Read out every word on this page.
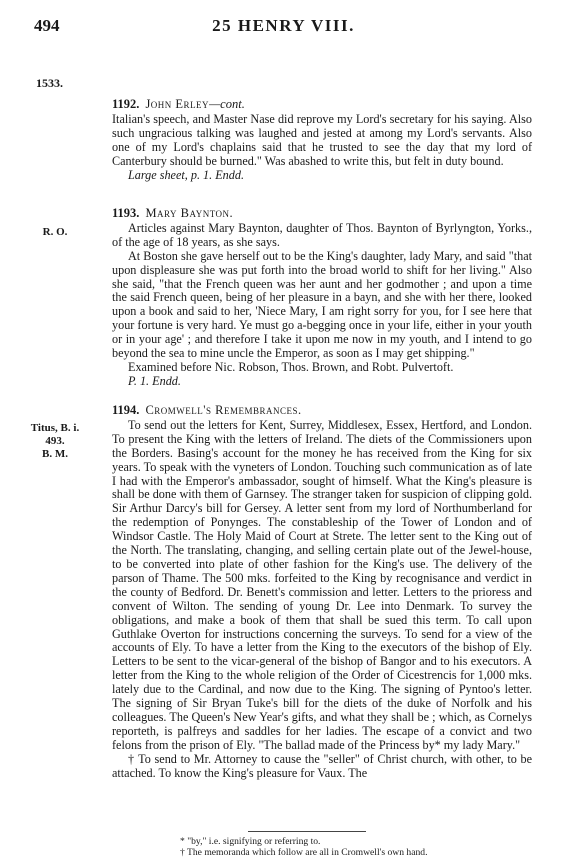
494	25 HENRY VIII.
1533.
1192. John Erley—cont.

Italian's speech, and Master Nase did reprove my Lord's secretary for his saying. Also such ungracious talking was laughed and jested at among my Lord's servants. Also one of my Lord's chaplains said that he trusted to see the day that my lord of Canterbury should be burned." Was abashed to write this, but felt in duty bound.

Large sheet, p. 1. Endd.

R. O.
1193. Mary Baynton.

Articles against Mary Baynton, daughter of Thos. Baynton of Byrlyngton, Yorks., of the age of 18 years, as she says.

At Boston she gave herself out to be the King's daughter, lady Mary, and said "that upon displeasure she was put forth into the broad world to shift for her living." Also she said, "that the French queen was her aunt and her godmother ; and upon a time the said French queen, being of her pleasure in a bayn, and she with her there, looked upon a book and said to her, 'Niece Mary, I am right sorry for you, for I see here that your fortune is very hard. Ye must go a-begging once in your life, either in your youth or in your age' ; and therefore I take it upon me now in my youth, and I intend to go beyond the sea to mine uncle the Emperor, as soon as I may get shipping."

Examined before Nic. Robson, Thos. Brown, and Robt. Pulvertoft.

P. 1. Endd.

Titus, B. i.
493.
B. M.
1194. Cromwell's Remembrances.

To send out the letters for Kent, Surrey, Middlesex, Essex, Hertford, and London. To present the King with the letters of Ireland. The diets of the Commissioners upon the Borders. Basing's account for the money he has received from the King for six years. To speak with the vyneters of London. Touching such communication as of late I had with the Emperor's ambassador, sought of himself. What the King's pleasure is shall be done with them of Garnsey. The stranger taken for suspicion of clipping gold. Sir Arthur Darcy's bill for Gersey. A letter sent from my lord of Northumberland for the redemption of Ponynges. The constableship of the Tower of London and of Windsor Castle. The Holy Maid of Court at Strete. The letter sent to the King out of the North. The translating, changing, and selling certain plate out of the Jewel-house, to be converted into plate of other fashion for the King's use. The delivery of the parson of Thame. The 500 mks. forfeited to the King by recognisance and verdict in the county of Bedford. Dr. Benett's commission and letter. Letters to the prioress and convent of Wilton. The sending of young Dr. Lee into Denmark. To survey the obligations, and make a book of them that shall be sued this term. To call upon Guthlake Overton for instructions concerning the surveys. To send for a view of the accounts of Ely. To have a letter from the King to the executors of the bishop of Ely. Letters to be sent to the vicar-general of the bishop of Bangor and to his executors. A letter from the King to the whole religion of the Order of Cicestrencis for 1,000 mks. lately due to the Cardinal, and now due to the King. The signing of Pyntoo's letter. The signing of Sir Bryan Tuke's bill for the diets of the duke of Norfolk and his colleagues. The Queen's New Year's gifts, and what they shall be ; which, as Cornelys reporteth, is palfreys and saddles for her ladies. The escape of a convict and two felons from the prison of Ely. "The ballad made of the Princess by* my lady Mary."

† To send to Mr. Attorney to cause the "seller" of Christ church, with other, to be attached. To know the King's pleasure for Vaux. The

* "by," i.e. signifying or referring to.
† The memoranda which follow are all in Cromwell's own hand.
